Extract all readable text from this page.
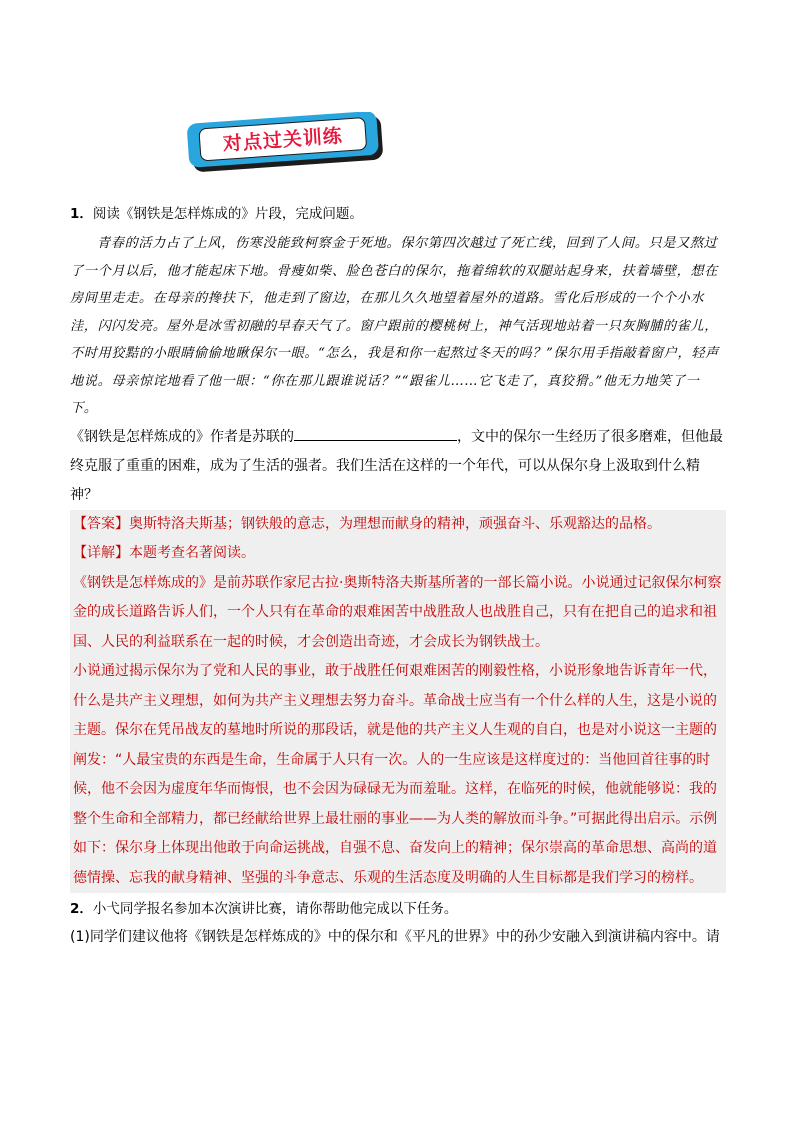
对点过关训练

1．阅读《钢铁是怎样炼成的》片段，完成问题。

青春的活力占了上风，伤寒没能致柯察金于死地。保尔第四次越过了死亡线，回到了人间。只是又熬过了一个月以后，他才能起床下地。骨瘦如柴、脸色苍白的保尔，拖着绵软的双腿站起身来，扶着墙壁，想在房间里走走。在母亲的搀扶下，他走到了窗边，在那儿久久地望着屋外的道路。雪化后形成的一个个小水洼，闪闪发亮。屋外是冰雪初融的早春天气了。窗户跟前的樱桃树上，神气活现地站着一只灰胸脯的雀儿，不时用狡黠的小眼睛偷偷地瞅保尔一眼。“怎么，我是和你一起熬过冬天的吗？”保尔用手指敲着窗户，轻声地说。母亲惊诧地看了他一眼：“你在那儿跟谁说话？”“跟雀儿……它飞走了，真狡猾。”他无力地笑了一下。

《钢铁是怎样炼成的》作者是苏联的	，文中的保尔一生经历了很多磨难，但他最终克服了重重的困难，成为了生活的强者。我们生活在这样的一个年代，可以从保尔身上汲取到什么精神？

【答案】奥斯特洛夫斯基；钢铁般的意志，为理想而献身的精神，顽强奋斗、乐观豁达的品格。

【详解】本题考查名著阅读。

《钢铁是怎样炼成的》是前苏联作家尼古拉·奥斯特洛夫斯基所著的一部长篇小说。小说通过记叙保尔柯察金的成长道路告诉人们，一个人只有在革命的艰难困苦中战胜敌人也战胜自己，只有在把自己的追求和祖国、人民的利益联系在一起的时候，才会创造出奇迹，才会成长为钢铁战士。

小说通过揭示保尔为了党和人民的事业，敢于战胜任何艰难困苦的刚毅性格，小说形象地告诉青年一代，什么是共产主义理想，如何为共产主义理想去努力奋斗。革命战士应当有一个什么样的人生，这是小说的主题。保尔在凭吊战友的墓地时所说的那段话，就是他的共产主义人生观的自白，也是对小说这一主题的阐发：“人最宝贵的东西是生命，生命属于人只有一次。人的一生应该是这样度过的：当他回首往事的时候，他不会因为虚度年华而悔恨，也不会因为碌碌无为而羞耻。这样，在临死的时候，他就能够说：我的整个生命和全部精力，都已经献给世界上最壮丽的事业——为人类的解放而斗争。”可据此得出启示。示例如下：保尔身上体现出他敢于向命运挑战，自强不息、奋发向上的精神；保尔崇高的革命思想、高尚的道德情操、忘我的献身精神、坚强的斗争意志、乐观的生活态度及明确的人生目标都是我们学习的榜样。

2．小弋同学报名参加本次演讲比赛，请你帮助他完成以下任务。

(1)同学们建议他将《钢铁是怎样炼成的》中的保尔和《平凡的世界》中的孙少安融入到演讲稿内容中。请
